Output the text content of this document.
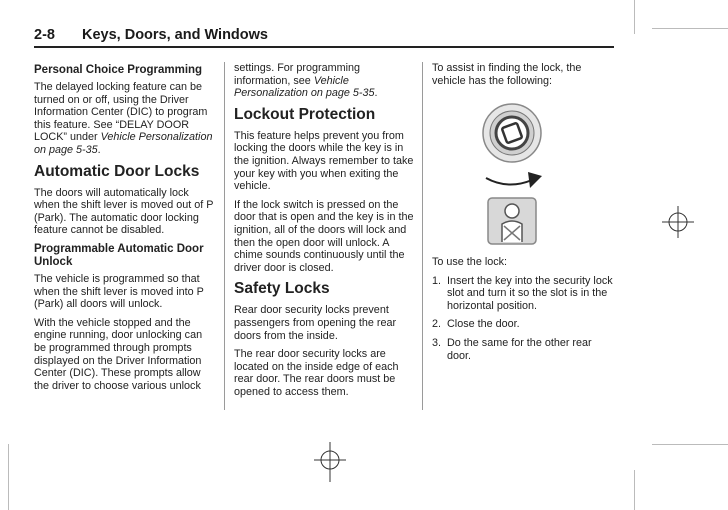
2-8 Keys, Doors, and Windows
Personal Choice Programming

The delayed locking feature can be turned on or off, using the Driver Information Center (DIC) to program this feature. See “DELAY DOOR LOCK” under Vehicle Personalization on page 5‑35.

Automatic Door Locks

The doors will automatically lock when the shift lever is moved out of P (Park). The automatic door locking feature cannot be disabled.

Programmable Automatic Door Unlock

The vehicle is programmed so that when the shift lever is moved into P (Park) all doors will unlock.

With the vehicle stopped and the engine running, door unlocking can be programmed through prompts displayed on the Driver Information Center (DIC). These prompts allow the driver to choose various unlock

settings. For programming information, see Vehicle Personalization on page 5‑35.

Lockout Protection

This feature helps prevent you from locking the doors while the key is in the ignition. Always remember to take your key with you when exiting the vehicle.

If the lock switch is pressed on the door that is open and the key is in the ignition, all of the doors will lock and then the open door will unlock. A chime sounds continuously until the driver door is closed.

Safety Locks

Rear door security locks prevent passengers from opening the rear doors from the inside.

The rear door security locks are located on the inside edge of each rear door. The rear doors must be opened to access them.

To assist in finding the lock, the vehicle has the following:

To use the lock:

1. Insert the key into the security lock slot and turn it so the slot is in the horizontal position.
2. Close the door.
3. Do the same for the other rear door.
